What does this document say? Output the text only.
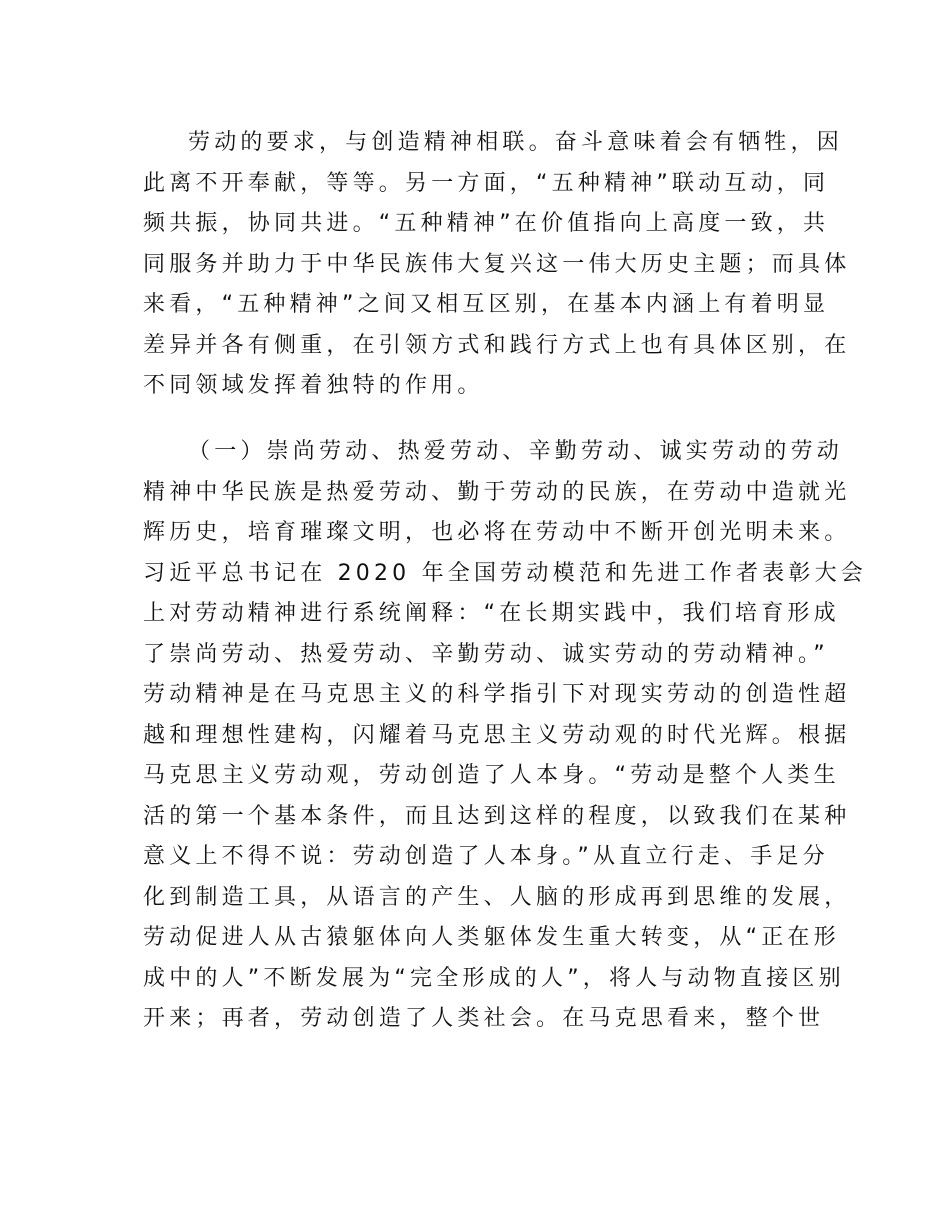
劳动的要求，与创造精神相联。奋斗意味着会有牺牲，因
此离不开奉献，等等。另一方面，“五种精神”联动互动，同
频共振，协同共进。“五种精神”在价值指向上高度一致，共
同服务并助力于中华民族伟大复兴这一伟大历史主题；而具体
来看，“五种精神”之间又相互区别，在基本内涵上有着明显
差异并各有侧重，在引领方式和践行方式上也有具体区别，在
不同领域发挥着独特的作用。
（一）崇尚劳动、热爱劳动、辛勤劳动、诚实劳动的劳动
精神中华民族是热爱劳动、勤于劳动的民族，在劳动中造就光
辉历史，培育璀璨文明，也必将在劳动中不断开创光明未来。
习近平总书记在 2020 年全国劳动模范和先进工作者表彰大会
上对劳动精神进行系统阐释：“在长期实践中，我们培育形成
了崇尚劳动、热爱劳动、辛勤劳动、诚实劳动的劳动精神。”
劳动精神是在马克思主义的科学指引下对现实劳动的创造性超
越和理想性建构，闪耀着马克思主义劳动观的时代光辉。根据
马克思主义劳动观，劳动创造了人本身。“劳动是整个人类生
活的第一个基本条件，而且达到这样的程度，以致我们在某种
意义上不得不说：劳动创造了人本身。”从直立行走、手足分
化到制造工具，从语言的产生、人脑的形成再到思维的发展，
劳动促进人从古猿躯体向人类躯体发生重大转变，从“正在形
成中的人”不断发展为“完全形成的人”，将人与动物直接区别
开来；再者，劳动创造了人类社会。在马克思看来，整个世
